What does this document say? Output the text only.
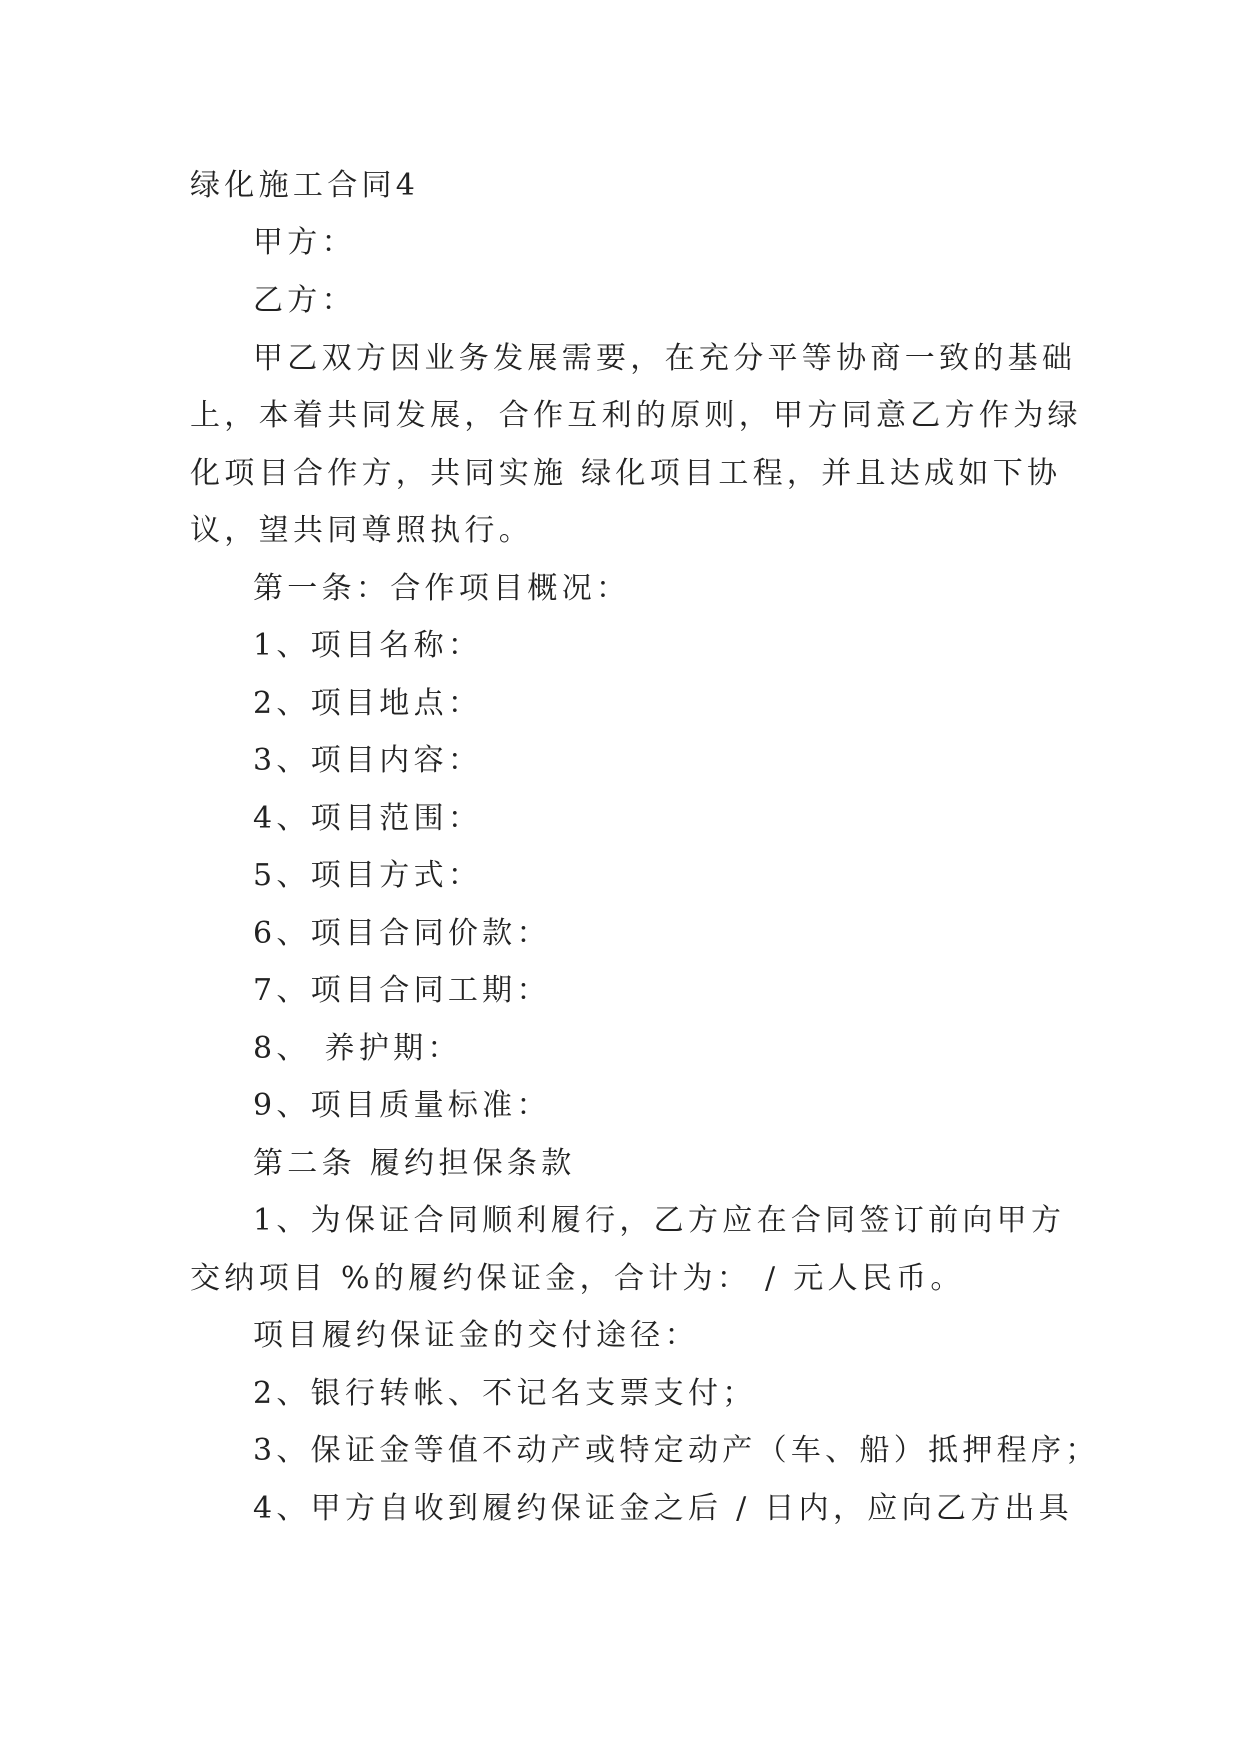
绿化施工合同4
甲方：
乙方：
甲乙双方因业务发展需要，在充分平等协商一致的基础
上，本着共同发展，合作互利的原则，甲方同意乙方作为绿
化项目合作方，共同实施 绿化项目工程，并且达成如下协
议，望共同尊照执行。
第一条：合作项目概况：
1、项目名称：
2、项目地点：
3、项目内容：
4、项目范围：
5、项目方式：
6、项目合同价款：
7、项目合同工期：
8、 养护期：
9、项目质量标准：
第二条 履约担保条款
1、为保证合同顺利履行，乙方应在合同签订前向甲方
交纳项目 %的履约保证金，合计为： / 元人民币。
项目履约保证金的交付途径：
2、银行转帐、不记名支票支付；
3、保证金等值不动产或特定动产（车、船）抵押程序；
4、甲方自收到履约保证金之后 / 日内，应向乙方出具
